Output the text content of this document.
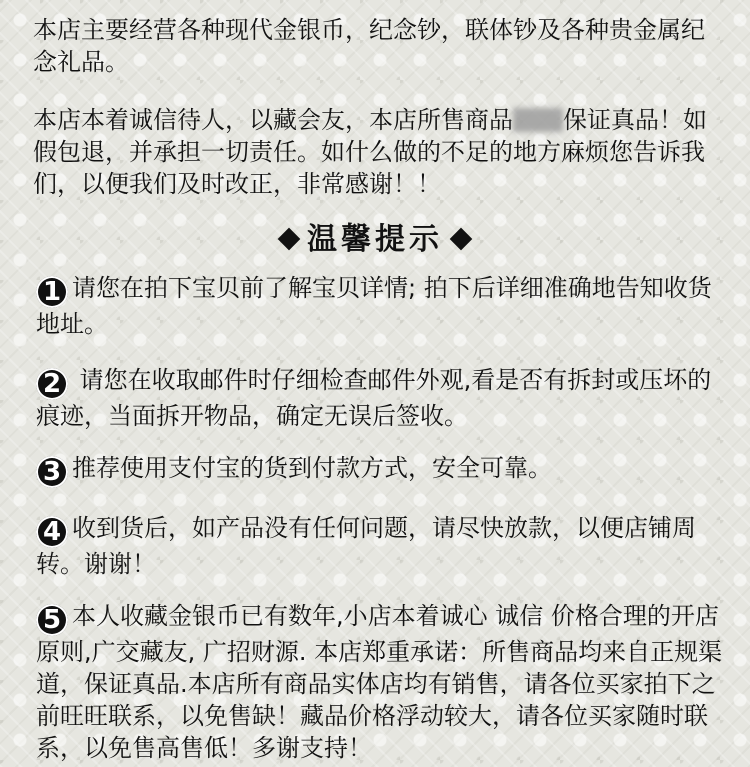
本店主要经营各种现代金银币，纪念钞，联体钞及各种贵金属纪念礼品。

本店本着诚信待人，以藏会友，本店所售商品 保证真品！如假包退，并承担一切责任。如什么做的不足的地方麻烦您告诉我们，以便我们及时改正，非常感谢！！

温馨提示

1 请您在拍下宝贝前了解宝贝详情; 拍下后详细准确地告知收货地址。

2 请您在收取邮件时仔细检查邮件外观,看是否有拆封或压坏的痕迹，当面拆开物品，确定无误后签收。

3 推荐使用支付宝的货到付款方式，安全可靠。

4 收到货后，如产品没有任何问题，请尽快放款，以便店铺周转。谢谢！

5 本人收藏金银币已有数年,小店本着诚心 诚信 价格合理的开店原则,广交藏友, 广招财源. 本店郑重承诺：所售商品均来自正规渠道，保证真品.本店所有商品实体店均有销售，请各位买家拍下之前旺旺联系，以免售缺！藏品价格浮动较大，请各位买家随时联系，以免售高售低！多谢支持！
